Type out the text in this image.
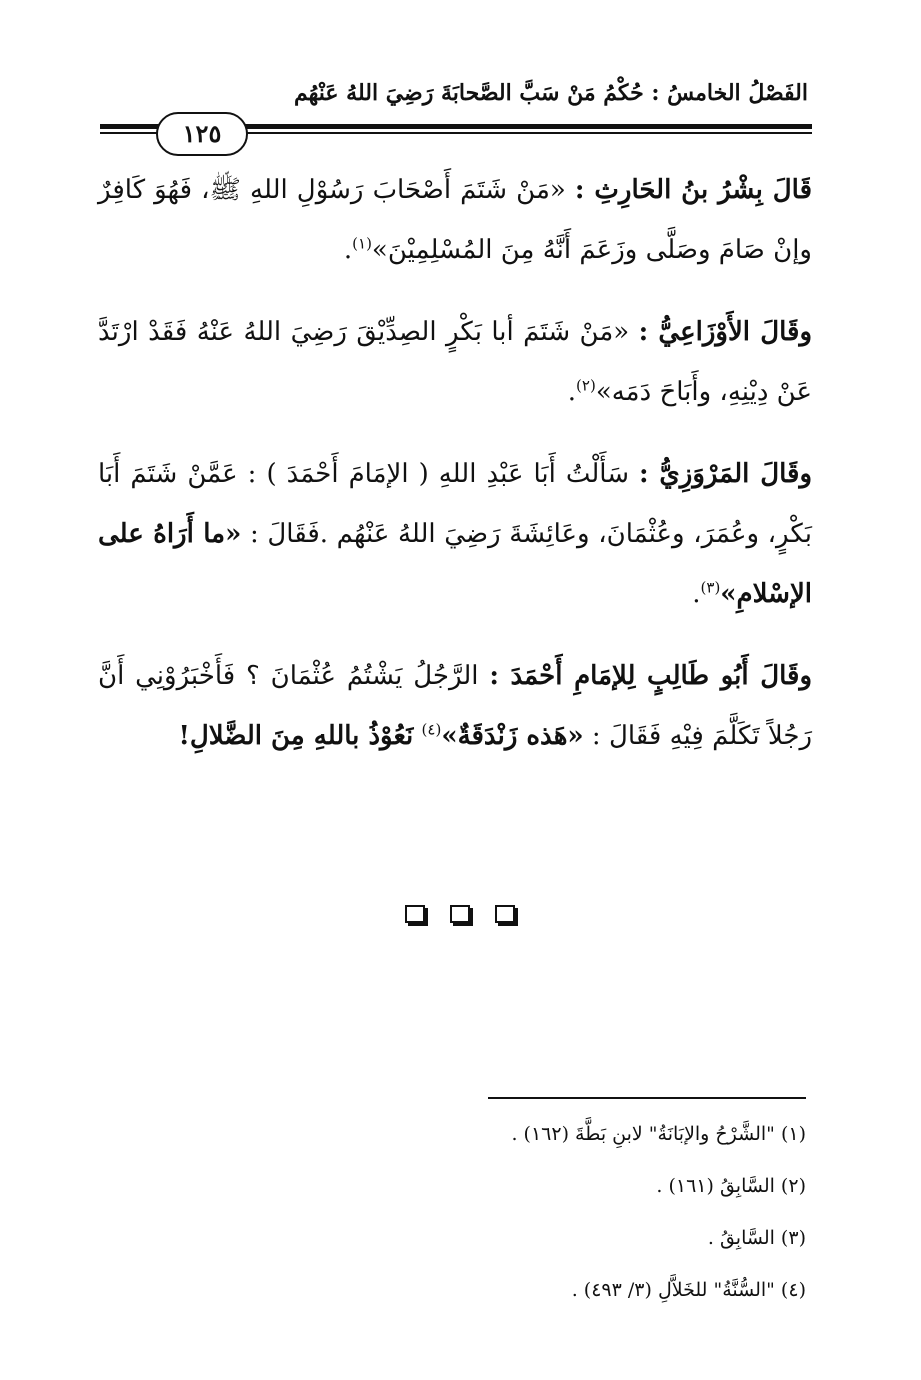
الفَصْلُ الخامسُ : حُكْمُ مَنْ سَبَّ الصَّحابَةَ رَضِيَ اللهُ عَنْهُم
١٢٥

قَالَ بِشْرُ بنُ الحَارِثِ : «مَنْ شَتَمَ أَصْحَابَ رَسُوْلِ اللهِ ﷺ، فَهُوَ كَافِرٌ وإنْ صَامَ وصَلَّى وزَعَمَ أَنَّهُ مِنَ المُسْلِمِيْنَ»$^{(١)}$.

وقَالَ الأَوْزَاعِيُّ : «مَنْ شَتَمَ أبا بَكْرٍ الصِدِّيْقَ رَضِيَ اللهُ عَنْهُ فَقَدْ ارْتَدَّ عَنْ دِيْنِهِ، وأَبَاحَ دَمَه»$^{(٢)}$.

وقَالَ المَرْوَزِيُّ : سَأَلْتُ أَبَا عَبْدِ اللهِ ( الإمَامَ أَحْمَدَ ) : عَمَّنْ شَتَمَ أَبَا بَكْرٍ، وعُمَرَ، وعُثْمَانَ، وعَائِشَةَ رَضِيَ اللهُ عَنْهُم .فَقَالَ : «ما أَرَاهُ على الإسْلامِ»$^{(٣)}$.

وقَالَ أَبُو طَالِبٍ لِلإمَامِ أَحْمَدَ : الرَّجُلُ يَشْتُمُ عُثْمَانَ ؟ فَأَخْبَرُوْنِي أَنَّ رَجُلاً تَكَلَّمَ فِيْهِ فَقَالَ : «هَذه زَنْدَقَةٌ»$^{(٤)}$ نَعُوْذُ باللهِ مِنَ الضَّلالِ!

(١) "الشَّرْحُ والإبَانَةُ" لابنِ بَطَّةَ (١٦٢) .
(٢) السَّابِقُ (١٦١) .
(٣) السَّابِقُ .
(٤) "السُّنَّةُ" للخَلاَّلِ (٣/ ٤٩٣) .
